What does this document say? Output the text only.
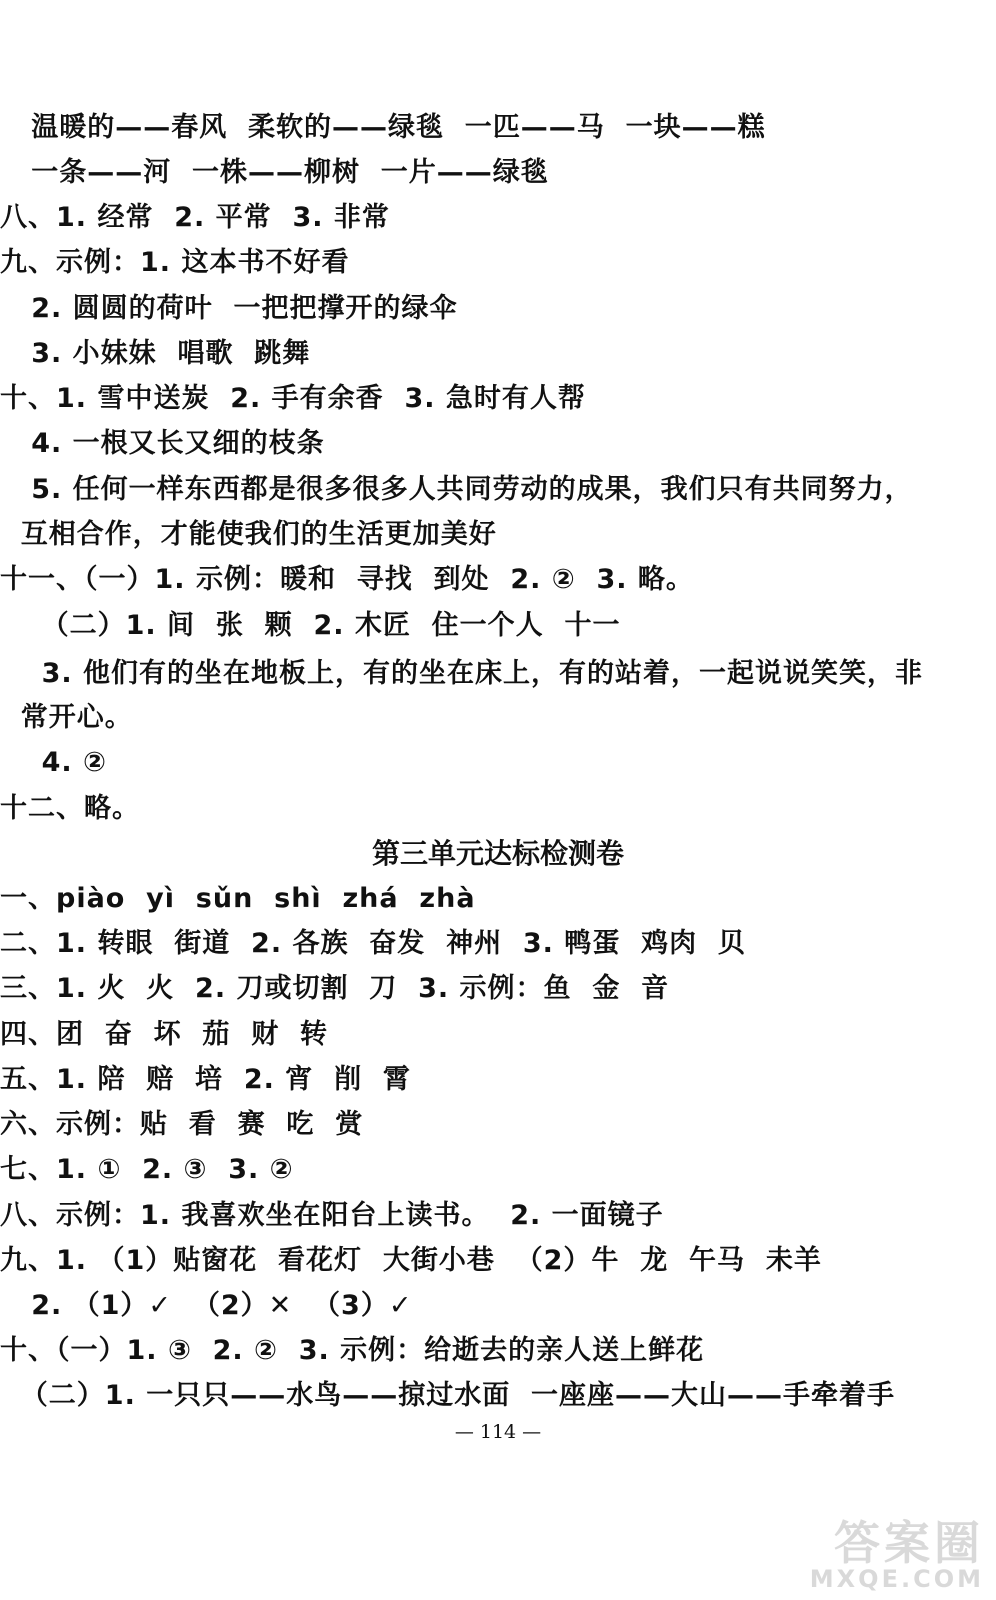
温暖的——春风  柔软的——绿毯  一匹——马  一块——糕
一条——河  一株——柳树  一片——绿毯
八、1. 经常  2. 平常  3. 非常
九、示例：1. 这本书不好看
2. 圆圆的荷叶  一把把撑开的绿伞
3. 小妹妹  唱歌  跳舞
十、1. 雪中送炭  2. 手有余香  3. 急时有人帮
4. 一根又长又细的枝条
5. 任何一样东西都是很多很多人共同劳动的成果，我们只有共同努力，
互相合作，才能使我们的生活更加美好
十一、（一）1. 示例：暖和  寻找  到处  2. ②  3. 略。
（二）1. 间  张  颗  2. 木匠  住一个人  十一
3. 他们有的坐在地板上，有的坐在床上，有的站着，一起说说笑笑，非
常开心。
4. ②
十二、略。
第三单元达标检测卷
一、piào  yì  sǔn  shì  zhá  zhà
二、1. 转眼  街道  2. 各族  奋发  神州  3. 鸭蛋  鸡肉  贝
三、1. 火  火  2. 刀或切割  刀  3. 示例：鱼  金  音
四、团  奋  坏  茄  财  转
五、1. 陪  赔  培  2. 宵  削  霄
六、示例：贴  看  赛  吃  赏
七、1. ①  2. ③  3. ②
八、示例：1. 我喜欢坐在阳台上读书。  2. 一面镜子
九、1. （1）贴窗花  看花灯  大街小巷  （2）牛  龙  午马  未羊
2. （1）✓  （2）✕  （3）✓
十、（一）1. ③  2. ②  3. 示例：给逝去的亲人送上鲜花
（二）1. 一只只——水鸟——掠过水面  一座座——大山——手牵着手
— 114 —
答案圈
MXQE.COM
